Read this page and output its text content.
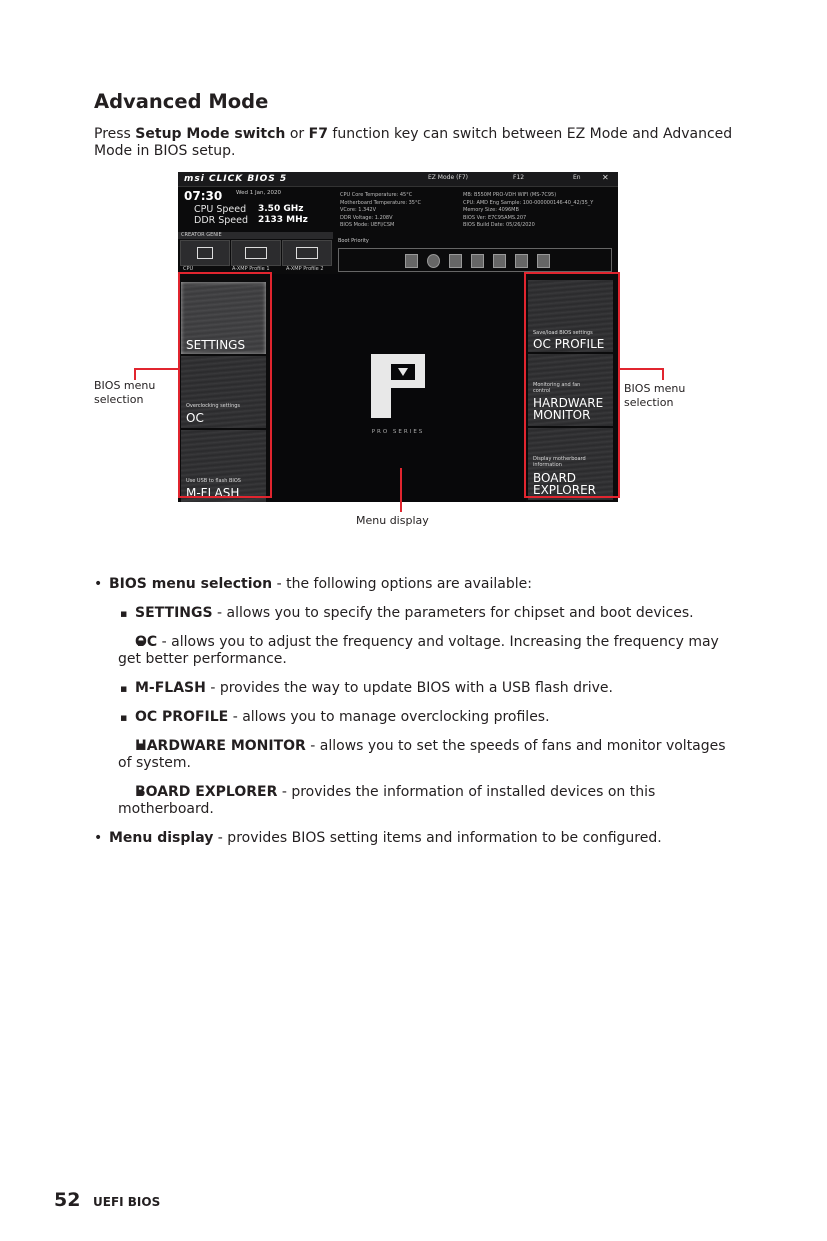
Advanced Mode
Press Setup Mode switch or F7 function key can switch between EZ Mode and Advanced Mode in BIOS setup.
msi CLICK BIOS 5	EZ Mode (F7)	F12	En	✕
07:30	Wed 1 Jan, 2020
CPU Speed 3.50 GHz
DDR Speed 2133 MHz
CPU Core Temperature: 45°C
Motherboard Temperature: 35°C
VCore: 1.342V
DDR Voltage: 1.208V
BIOS Mode: UEFI/CSM
MB: B550M PRO-VDH WIFI (MS-7C95)
CPU: AMD Eng Sample: 100-000000146-40_42/35_Y
Memory Size: 4096MB
BIOS Ver: E7C95AMS.207
BIOS Build Date: 05/26/2020
CREATOR GENIE
CPU	A-XMP Profile 1	A-XMP Profile 2
Boot Priority
SETTINGS
Overclocking settings
OC
Use USB to flash BIOS
M-FLASH
PRO SERIES
Save/load BIOS settings
OC PROFILE
Monitoring and fan control
HARDWARE MONITOR
Display motherboard information
BOARD EXPLORER
BIOS menu selection
BIOS menu selection
Menu display
• BIOS menu selection - the following options are available:
▪ SETTINGS - allows you to specify the parameters for chipset and boot devices.
▪ OC - allows you to adjust the frequency and voltage. Increasing the frequency may get better performance.
▪ M-FLASH - provides the way to update BIOS with a USB flash drive.
▪ OC PROFILE - allows you to manage overclocking profiles.
▪ HARDWARE MONITOR - allows you to set the speeds of fans and monitor voltages of system.
▪ BOARD EXPLORER - provides the information of installed devices on this motherboard.
• Menu display - provides BIOS setting items and information to be configured.
52 UEFI BIOS
